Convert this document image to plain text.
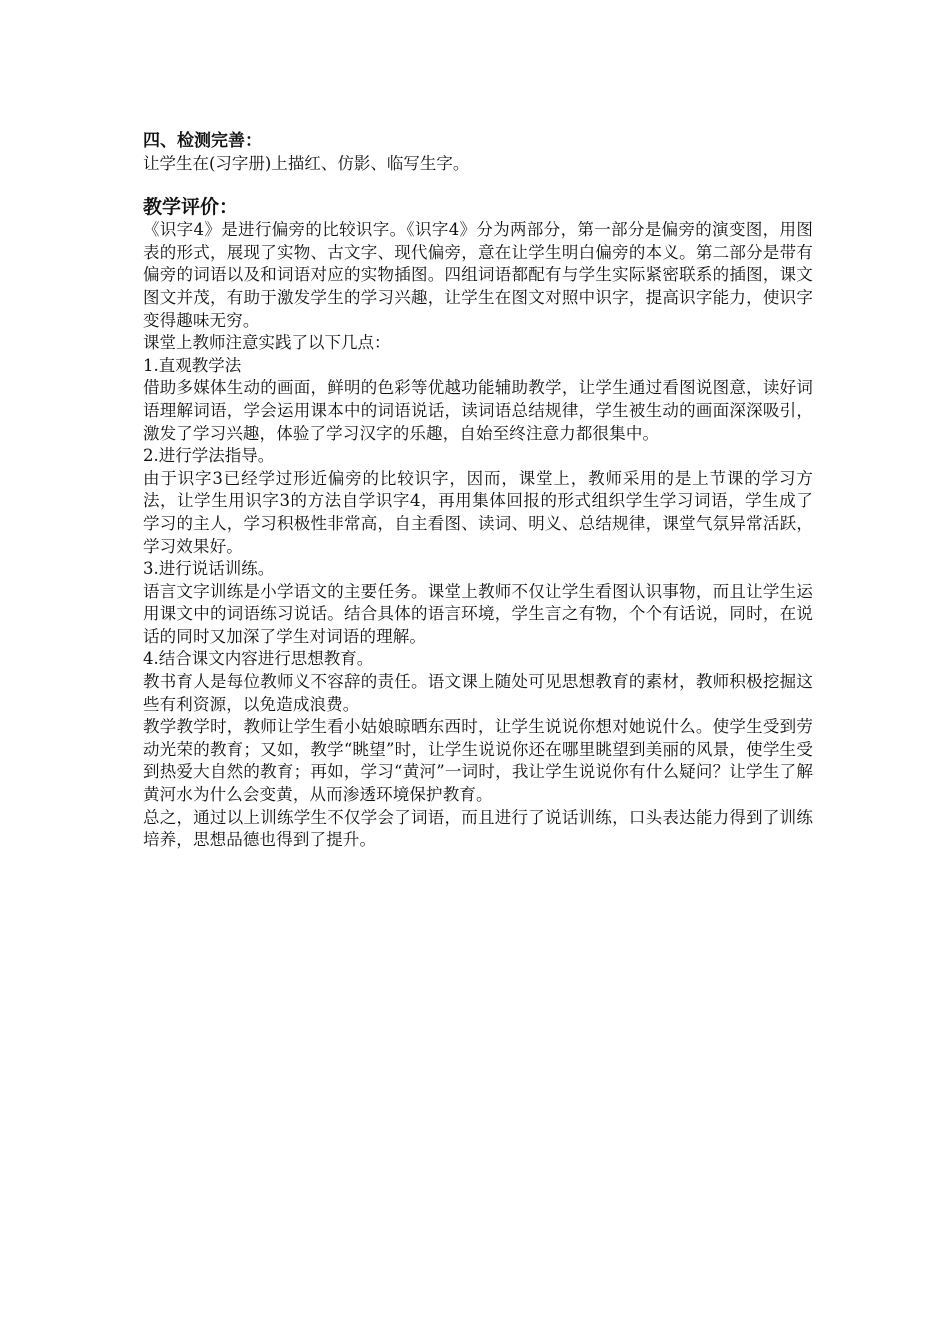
四、检测完善：

让学生在(习字册)上描红、仿影、临写生字。

教学评价：

《识字4》是进行偏旁的比较识字。《识字4》分为两部分，第一部分是偏旁的演变图，用图表的形式，展现了实物、古文字、现代偏旁，意在让学生明白偏旁的本义。第二部分是带有偏旁的词语以及和词语对应的实物插图。四组词语都配有与学生实际紧密联系的插图，课文图文并茂，有助于激发学生的学习兴趣，让学生在图文对照中识字，提高识字能力，使识字变得趣味无穷。

课堂上教师注意实践了以下几点：

1.直观教学法

借助多媒体生动的画面，鲜明的色彩等优越功能辅助教学，让学生通过看图说图意，读好词语理解词语，学会运用课本中的词语说话，读词语总结规律，学生被生动的画面深深吸引，激发了学习兴趣，体验了学习汉字的乐趣，自始至终注意力都很集中。

2.进行学法指导。

由于识字3已经学过形近偏旁的比较识字，因而，课堂上，教师采用的是上节课的学习方法，让学生用识字3的方法自学识字4，再用集体回报的形式组织学生学习词语，学生成了学习的主人，学习积极性非常高，自主看图、读词、明义、总结规律，课堂气氛异常活跃，学习效果好。

3.进行说话训练。

语言文字训练是小学语文的主要任务。课堂上教师不仅让学生看图认识事物，而且让学生运用课文中的词语练习说话。结合具体的语言环境，学生言之有物，个个有话说，同时，在说话的同时又加深了学生对词语的理解。

4.结合课文内容进行思想教育。

教书育人是每位教师义不容辞的责任。语文课上随处可见思想教育的素材，教师积极挖掘这些有利资源，以免造成浪费。

教学教学时，教师让学生看小姑娘晾晒东西时，让学生说说你想对她说什么。使学生受到劳动光荣的教育；又如，教学“眺望”时，让学生说说你还在哪里眺望到美丽的风景，使学生受到热爱大自然的教育；再如，学习“黄河”一词时，我让学生说说你有什么疑问？让学生了解黄河水为什么会变黄，从而渗透环境保护教育。

总之，通过以上训练学生不仅学会了词语，而且进行了说话训练，口头表达能力得到了训练培养，思想品德也得到了提升。
